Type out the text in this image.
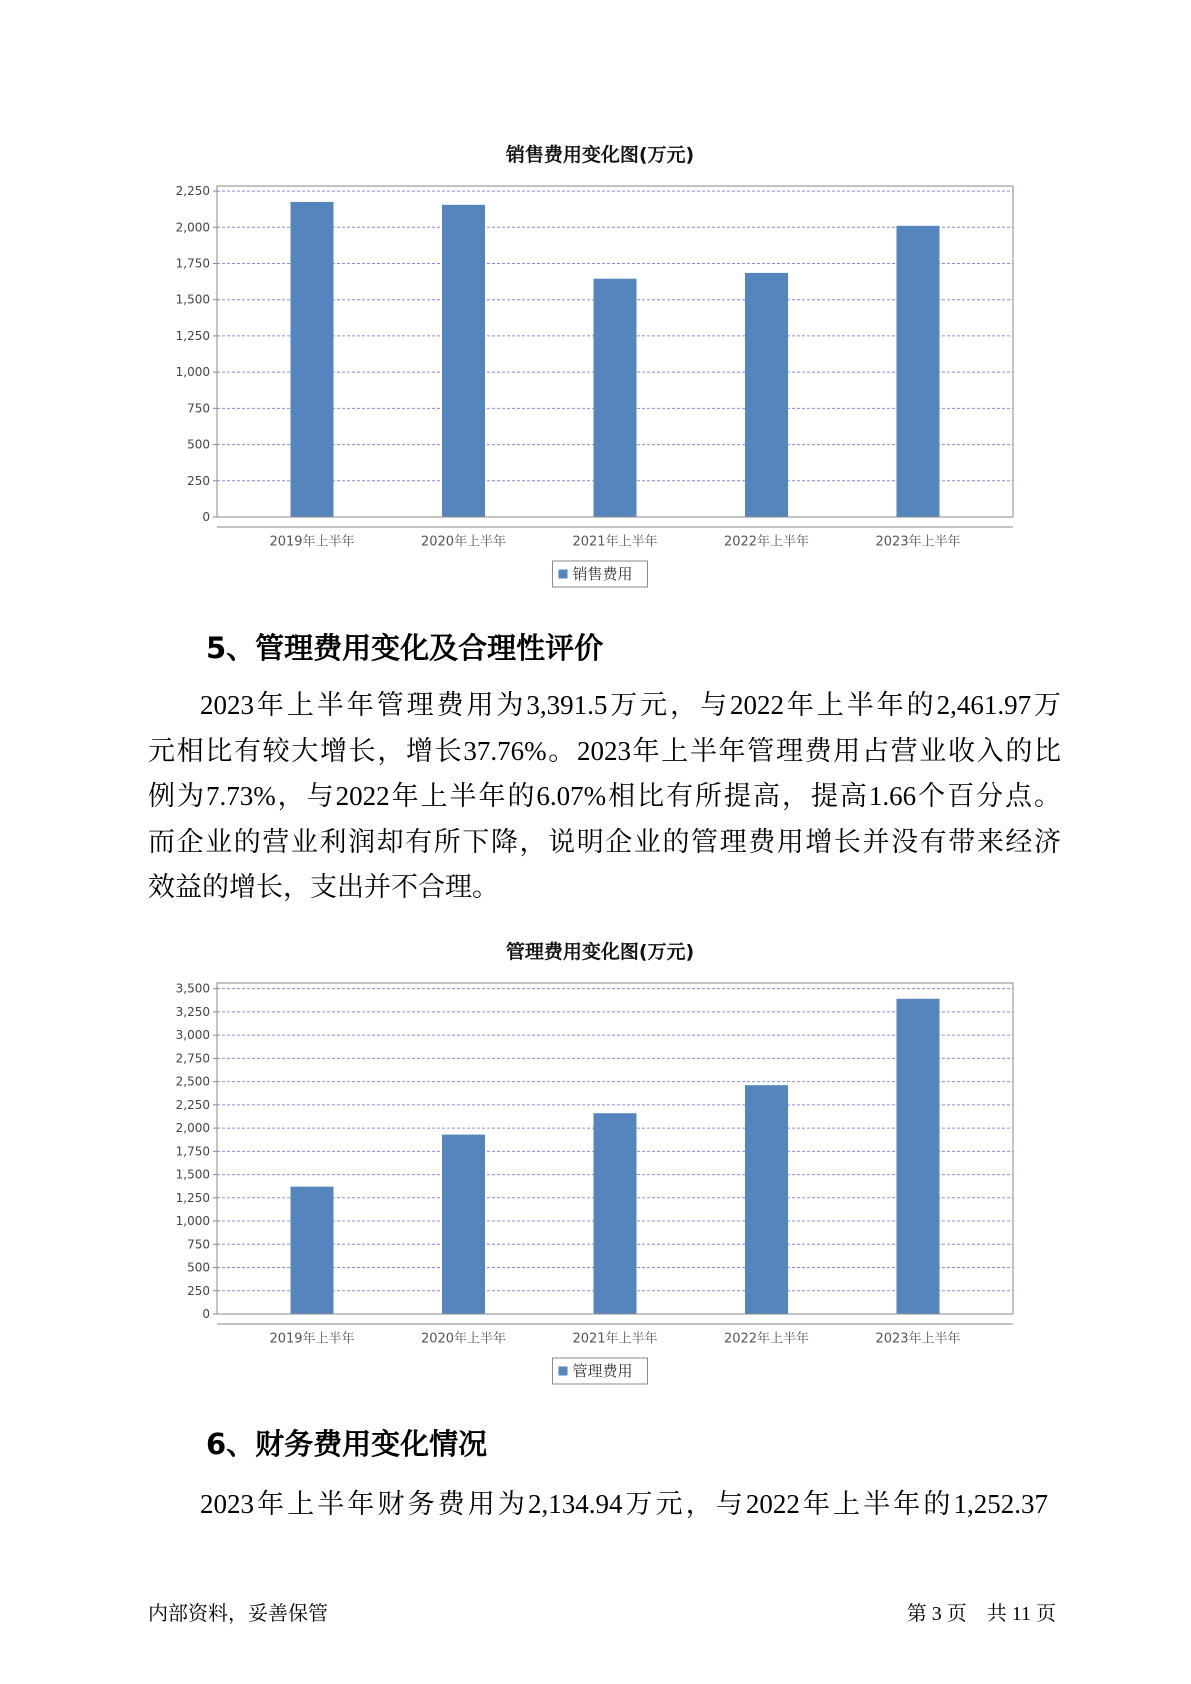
销售费用变化图(万元)
0
250
500
750
1,000
1,250
1,500
1,750
2,000
2,250
2019年上半年	2020年上半年	2021年上半年	2022年上半年	2023年上半年
销售费用
5、管理费用变化及合理性评价
2023年上半年管理费用为3,391.5万元，与2022年上半年的2,461.97万
元相比有较大增长，增长37.76%。2023年上半年管理费用占营业收入的比
例为7.73%，与2022年上半年的6.07%相比有所提高，提高1.66个百分点。
而企业的营业利润却有所下降，说明企业的管理费用增长并没有带来经济
效益的增长，支出并不合理。
管理费用变化图(万元)
0
250
500
750
1,000
1,250
1,500
1,750
2,000
2,250
2,500
2,750
3,000
3,250
3,500
2019年上半年	2020年上半年	2021年上半年	2022年上半年	2023年上半年
管理费用
6、财务费用变化情况
2023年上半年财务费用为2,134.94万元，与2022年上半年的1,252.37
内部资料，妥善保管	第 3 页　共 11 页
